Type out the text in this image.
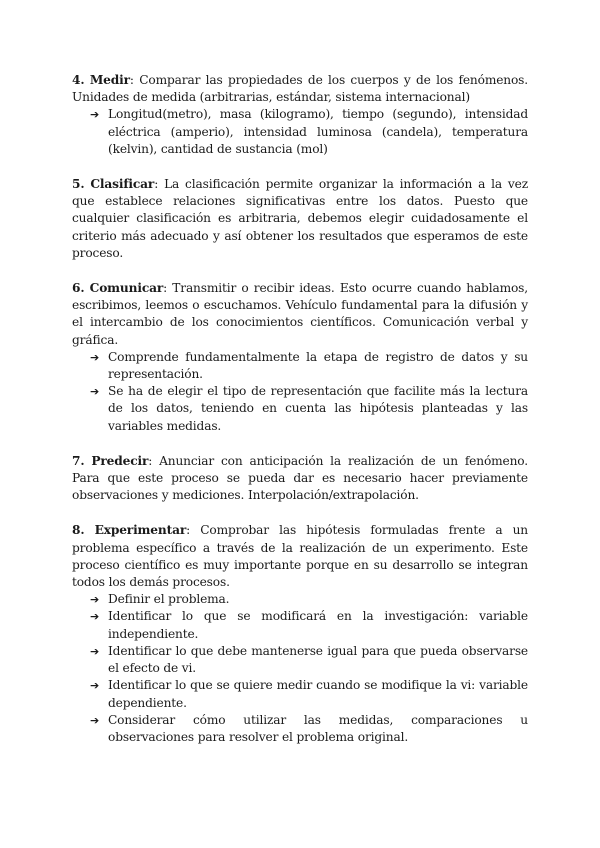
4. Medir: Comparar las propiedades de los cuerpos y de los fenómenos. Unidades de medida (arbitrarias, estándar, sistema internacional)

➔ Longitud(metro), masa (kilogramo), tiempo (segundo), intensidad eléctrica (amperio), intensidad luminosa (candela), temperatura (kelvin), cantidad de sustancia (mol)

5. Clasificar: La clasificación permite organizar la información a la vez que establece relaciones significativas entre los datos. Puesto que cualquier clasificación es arbitraria, debemos elegir cuidadosamente el criterio más adecuado y así obtener los resultados que esperamos de este proceso.

6. Comunicar: Transmitir o recibir ideas. Esto ocurre cuando hablamos, escribimos, leemos o escuchamos. Vehículo fundamental para la difusión y el intercambio de los conocimientos científicos. Comunicación verbal y gráfica.

➔ Comprende fundamentalmente la etapa de registro de datos y su representación.
➔ Se ha de elegir el tipo de representación que facilite más la lectura de los datos, teniendo en cuenta las hipótesis planteadas y las variables medidas.

7. Predecir: Anunciar con anticipación la realización de un fenómeno. Para que este proceso se pueda dar es necesario hacer previamente observaciones y mediciones. Interpolación/extrapolación.

8. Experimentar: Comprobar las hipótesis formuladas frente a un problema específico a través de la realización de un experimento. Este proceso científico es muy importante porque en su desarrollo se integran todos los demás procesos.

➔ Definir el problema.
➔ Identificar lo que se modificará en la investigación: variable independiente.
➔ Identificar lo que debe mantenerse igual para que pueda observarse el efecto de vi.
➔ Identificar lo que se quiere medir cuando se modifique la vi: variable dependiente.
➔ Considerar cómo utilizar las medidas, comparaciones u observaciones para resolver el problema original.
